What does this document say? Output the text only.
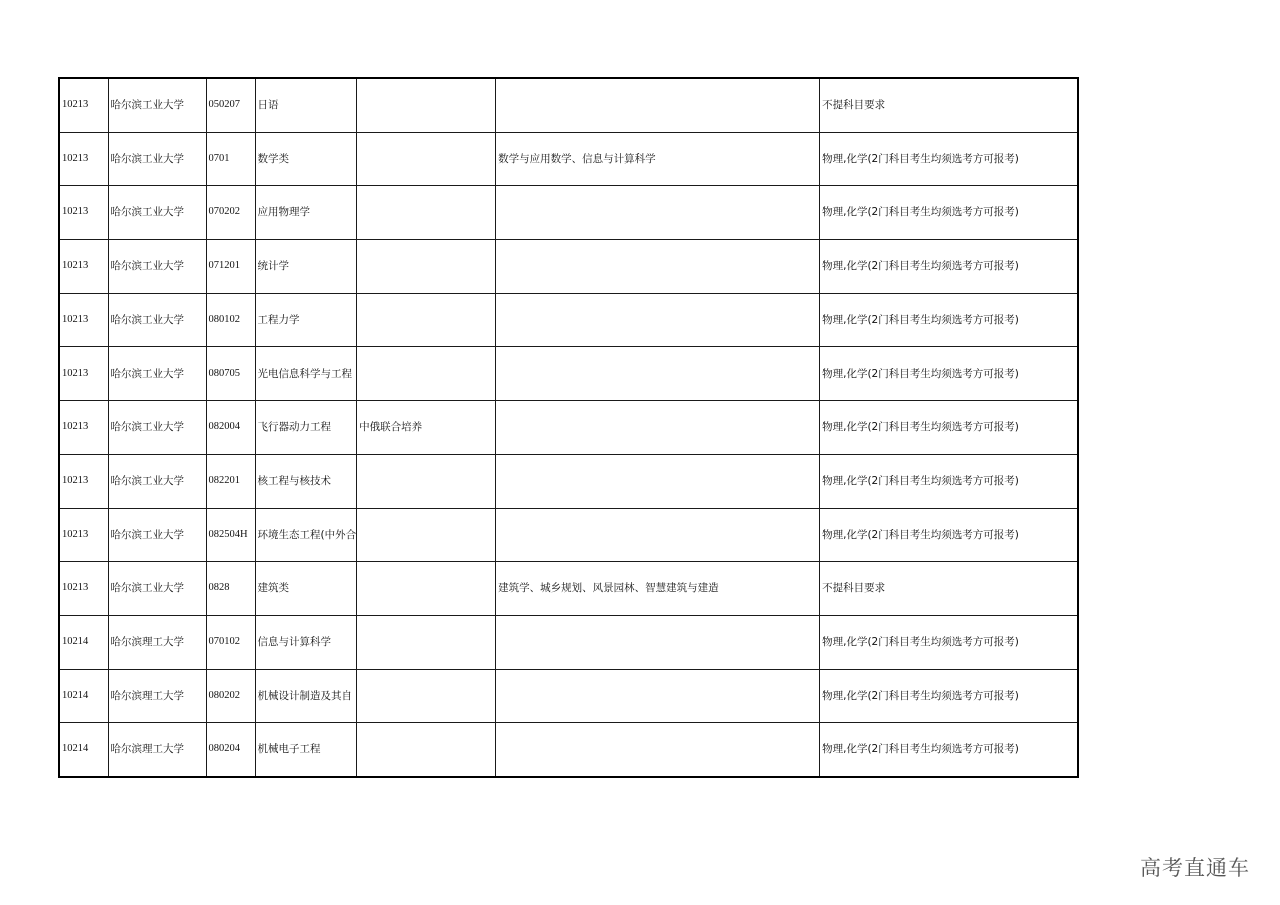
10213	哈尔滨工业大学	050207	日语			不提科目要求
10213	哈尔滨工业大学	0701	数学类		数学与应用数学、信息与计算科学	物理,化学(2门科目考生均须选考方可报考)
10213	哈尔滨工业大学	070202	应用物理学			物理,化学(2门科目考生均须选考方可报考)
10213	哈尔滨工业大学	071201	统计学			物理,化学(2门科目考生均须选考方可报考)
10213	哈尔滨工业大学	080102	工程力学			物理,化学(2门科目考生均须选考方可报考)
10213	哈尔滨工业大学	080705	光电信息科学与工程			物理,化学(2门科目考生均须选考方可报考)
10213	哈尔滨工业大学	082004	飞行器动力工程	中俄联合培养		物理,化学(2门科目考生均须选考方可报考)
10213	哈尔滨工业大学	082201	核工程与核技术			物理,化学(2门科目考生均须选考方可报考)
10213	哈尔滨工业大学	082504H	环境生态工程(中外合			物理,化学(2门科目考生均须选考方可报考)
10213	哈尔滨工业大学	0828	建筑类		建筑学、城乡规划、风景园林、智慧建筑与建造	不提科目要求
10214	哈尔滨理工大学	070102	信息与计算科学			物理,化学(2门科目考生均须选考方可报考)
10214	哈尔滨理工大学	080202	机械设计制造及其自			物理,化学(2门科目考生均须选考方可报考)
10214	哈尔滨理工大学	080204	机械电子工程			物理,化学(2门科目考生均须选考方可报考)
高考直通车
